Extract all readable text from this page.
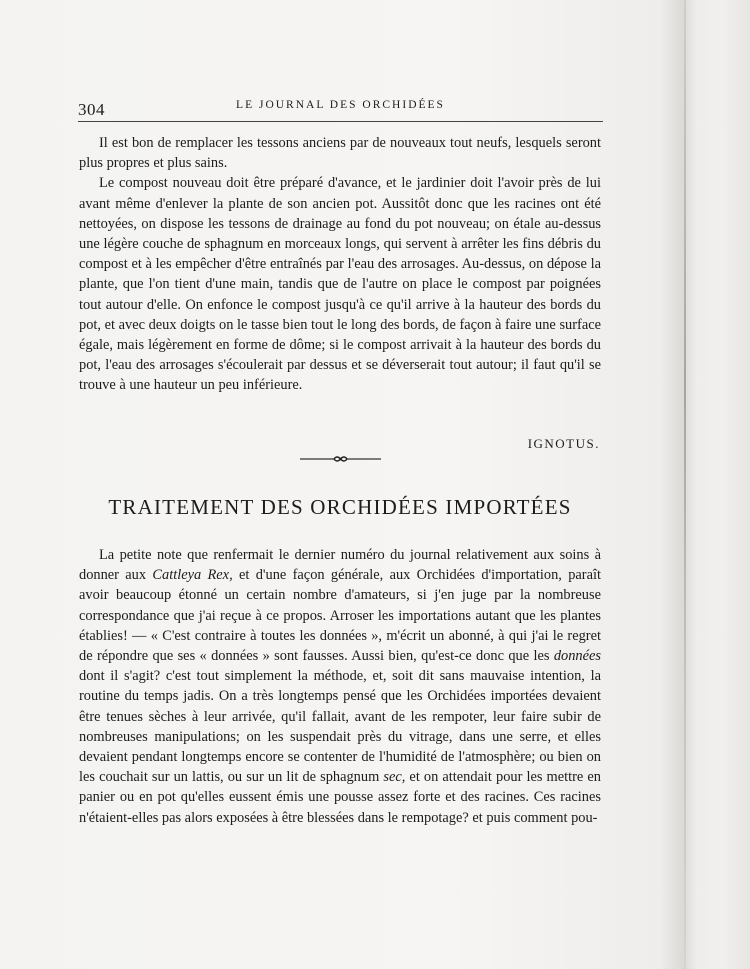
304	LE JOURNAL DES ORCHIDÉES

Il est bon de remplacer les tessons anciens par de nouveaux tout neufs, lesquels seront plus propres et plus sains.

Le compost nouveau doit être préparé d'avance, et le jardinier doit l'avoir près de lui avant même d'enlever la plante de son ancien pot. Aussitôt donc que les racines ont été nettoyées, on dispose les tessons de drainage au fond du pot nouveau; on étale au-dessus une légère couche de sphagnum en morceaux longs, qui servent à arrêter les fins débris du compost et à les empêcher d'être entraînés par l'eau des arrosages. Au-dessus, on dépose la plante, que l'on tient d'une main, tandis que de l'autre on place le compost par poignées tout autour d'elle. On enfonce le compost jusqu'à ce qu'il arrive à la hauteur des bords du pot, et avec deux doigts on le tasse bien tout le long des bords, de façon à faire une surface égale, mais légèrement en forme de dôme; si le compost arrivait à la hauteur des bords du pot, l'eau des arrosages s'écoulerait par dessus et se déverserait tout autour; il faut qu'il se trouve à une hauteur un peu inférieure.

IGNOTUS.
TRAITEMENT DES ORCHIDÉES IMPORTÉES

La petite note que renfermait le dernier numéro du journal relativement aux soins à donner aux Cattleya Rex, et d'une façon générale, aux Orchidées d'importation, paraît avoir beaucoup étonné un certain nombre d'amateurs, si j'en juge par la nombreuse correspondance que j'ai reçue à ce propos. Arroser les importations autant que les plantes établies! — « C'est contraire à toutes les données », m'écrit un abonné, à qui j'ai le regret de répondre que ses « données » sont fausses. Aussi bien, qu'est-ce donc que les données dont il s'agit? c'est tout simplement la méthode, et, soit dit sans mauvaise intention, la routine du temps jadis. On a très longtemps pensé que les Orchidées importées devaient être tenues sèches à leur arrivée, qu'il fallait, avant de les rempoter, leur faire subir de nombreuses manipulations; on les suspendait près du vitrage, dans une serre, et elles devaient pendant longtemps encore se contenter de l'humidité de l'atmosphère; ou bien on les couchait sur un lattis, ou sur un lit de sphagnum sec, et on attendait pour les mettre en panier ou en pot qu'elles eussent émis une pousse assez forte et des racines. Ces racines n'étaient-elles pas alors exposées à être blessées dans le rempotage? et puis comment pou-
